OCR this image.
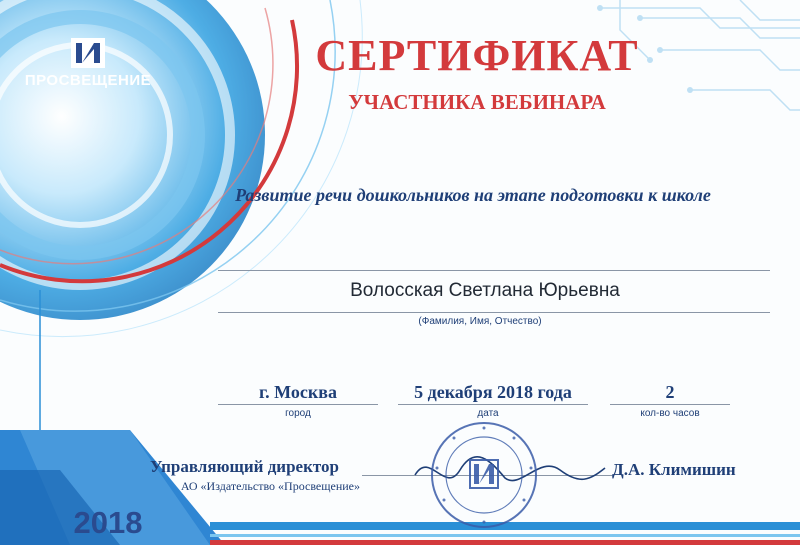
ПРОСВЕЩЕНИЕ
СЕРТИФИКАТ
УЧАСТНИКА ВЕБИНАРА
Развитие речи дошкольников на этапе подготовки к школе
Волосская Светлана Юрьевна
(Фамилия, Имя, Отчество)
г. Москва
город
5 декабря 2018 года
дата
2
кол-во часов
Управляющий директор
АО «Издательство «Просвещение»
Д.А. Климишин
2018
